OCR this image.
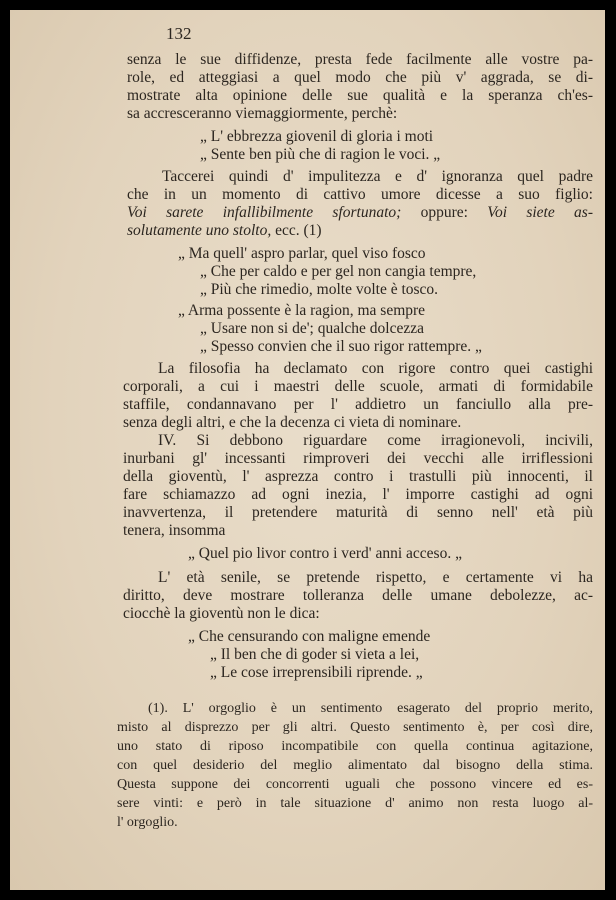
132
senza le sue diffidenze, presta fede facilmente alle vostre pa-
role, ed atteggiasi a quel modo che più v' aggrada, se di-
mostrate alta opinione delle sue qualità e la speranza ch'es-
sa accresceranno viemaggiormente, perchè:
„ L' ebbrezza giovenil di gloria i moti
„ Sente ben più che di ragion le voci. „
Taccerei quindi d' impulitezza e d' ignoranza quel padre
che in un momento di cattivo umore dicesse a suo figlio:
Voi sarete infallibilmente sfortunato; oppure: Voi siete as-
solutamente uno stolto, ecc. (1)
„ Ma quell' aspro parlar, quel viso fosco
„ Che per caldo e per gel non cangia tempre,
„ Più che rimedio, molte volte è tosco.
„ Arma possente è la ragion, ma sempre
„ Usare non si de'; qualche dolcezza
„ Spesso convien che il suo rigor rattempre. „
La filosofia ha declamato con rigore contro quei castighi
corporali, a cui i maestri delle scuole, armati di formidabile
staffile, condannavano per l' addietro un fanciullo alla pre-
senza degli altri, e che la decenza ci vieta di nominare.
IV. Si debbono riguardare come irragionevoli, incivili,
inurbani gl' incessanti rimproveri dei vecchi alle irriflessioni
della gioventù, l' asprezza contro i trastulli più innocenti, il
fare schiamazzo ad ogni inezia, l' imporre castighi ad ogni
inavvertenza, il pretendere maturità di senno nell' età più
tenera, insomma
„ Quel pio livor contro i verd' anni acceso. „
L' età senile, se pretende rispetto, e certamente vi ha
diritto, deve mostrare tolleranza delle umane debolezze, ac-
ciocchè la gioventù non le dica:
„ Che censurando con maligne emende
„ Il ben che di goder si vieta a lei,
„ Le cose irreprensibili riprende. „
(1). L' orgoglio è un sentimento esagerato del proprio merito,
misto al disprezzo per gli altri. Questo sentimento è, per così dire,
uno stato di riposo incompatibile con quella continua agitazione,
con quel desiderio del meglio alimentato dal bisogno della stima.
Questa suppone dei concorrenti uguali che possono vincere ed es-
sere vinti: e però in tale situazione d' animo non resta luogo al-
l' orgoglio.
